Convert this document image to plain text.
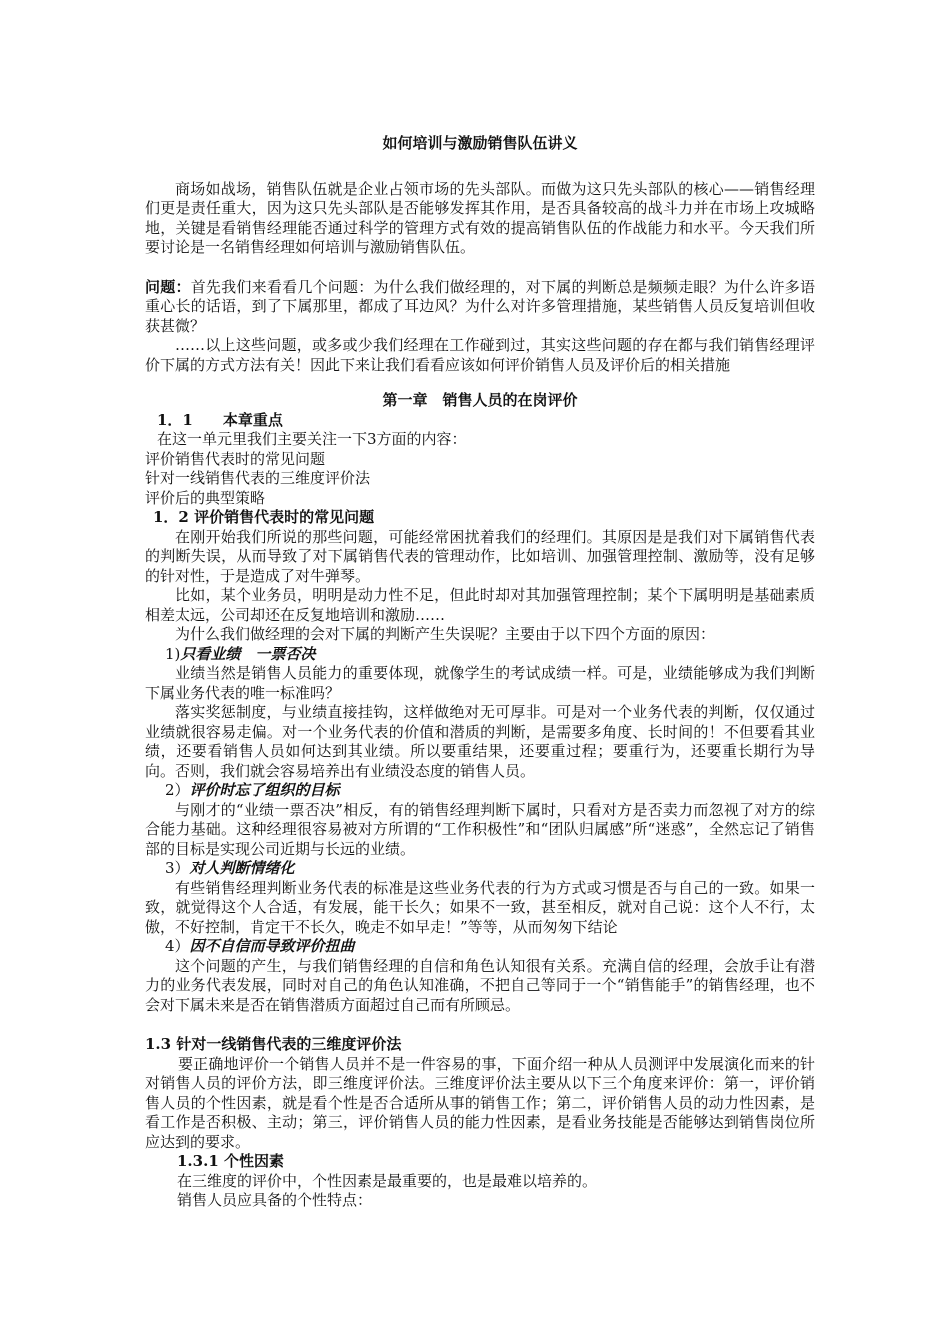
如何培训与激励销售队伍讲义

商场如战场，销售队伍就是企业占领市场的先头部队。而做为这只先头部队的核心——销售经理们更是责任重大，因为这只先头部队是否能够发挥其作用，是否具备较高的战斗力并在市场上攻城略地，关键是看销售经理能否通过科学的管理方式有效的提高销售队伍的作战能力和水平。今天我们所要讨论是一名销售经理如何培训与激励销售队伍。

问题：首先我们来看看几个问题：为什么我们做经理的，对下属的判断总是频频走眼？为什么许多语重心长的话语，到了下属那里，都成了耳边风？为什么对许多管理措施，某些销售人员反复培训但收获甚微？

……以上这些问题，或多或少我们经理在工作碰到过，其实这些问题的存在都与我们销售经理评价下属的方式方法有关！因此下来让我们看看应该如何评价销售人员及评价后的相关措施

第一章　销售人员的在岗评价

1．1　　本章重点

在这一单元里我们主要关注一下3方面的内容：

评价销售代表时的常见问题

针对一线销售代表的三维度评价法

评价后的典型策略

1．2 评价销售代表时的常见问题

在刚开始我们所说的那些问题，可能经常困扰着我们的经理们。其原因是是我们对下属销售代表的判断失误，从而导致了对下属销售代表的管理动作，比如培训、加强管理控制、激励等，没有足够的针对性，于是造成了对牛弹琴。

比如，某个业务员，明明是动力性不足，但此时却对其加强管理控制；某个下属明明是基础素质相差太远，公司却还在反复地培训和激励……

为什么我们做经理的会对下属的判断产生失误呢？主要由于以下四个方面的原因：

1)只看业绩　一票否决

业绩当然是销售人员能力的重要体现，就像学生的考试成绩一样。可是，业绩能够成为我们判断下属业务代表的唯一标准吗？

落实奖惩制度，与业绩直接挂钩，这样做绝对无可厚非。可是对一个业务代表的判断，仅仅通过业绩就很容易走偏。对一个业务代表的价值和潜质的判断，是需要多角度、长时间的！不但要看其业绩，还要看销售人员如何达到其业绩。所以要重结果，还要重过程；要重行为，还要重长期行为导向。否则，我们就会容易培养出有业绩没态度的销售人员。

2）评价时忘了组织的目标

与刚才的“业绩一票否决”相反，有的销售经理判断下属时，只看对方是否卖力而忽视了对方的综合能力基础。这种经理很容易被对方所谓的“工作积极性”和“团队归属感”所“迷惑”，全然忘记了销售部的目标是实现公司近期与长远的业绩。

3）对人判断情绪化

有些销售经理判断业务代表的标准是这些业务代表的行为方式或习惯是否与自己的一致。如果一致，就觉得这个人合适，有发展，能干长久；如果不一致，甚至相反，就对自己说：这个人不行，太傲，不好控制，肯定干不长久，晚走不如早走！”等等，从而匆匆下结论

4）因不自信而导致评价扭曲

这个问题的产生，与我们销售经理的自信和角色认知很有关系。充满自信的经理，会放手让有潜力的业务代表发展，同时对自己的角色认知准确，不把自己等同于一个“销售能手”的销售经理，也不会对下属未来是否在销售潜质方面超过自己而有所顾忌。

1.3 针对一线销售代表的三维度评价法

要正确地评价一个销售人员并不是一件容易的事，下面介绍一种从人员测评中发展演化而来的针对销售人员的评价方法，即三维度评价法。三维度评价法主要从以下三个角度来评价：第一，评价销售人员的个性因素，就是看个性是否合适所从事的销售工作；第二，评价销售人员的动力性因素，是看工作是否积极、主动；第三，评价销售人员的能力性因素，是看业务技能是否能够达到销售岗位所应达到的要求。

1.3.1 个性因素

在三维度的评价中，个性因素是最重要的，也是最难以培养的。

销售人员应具备的个性特点：
